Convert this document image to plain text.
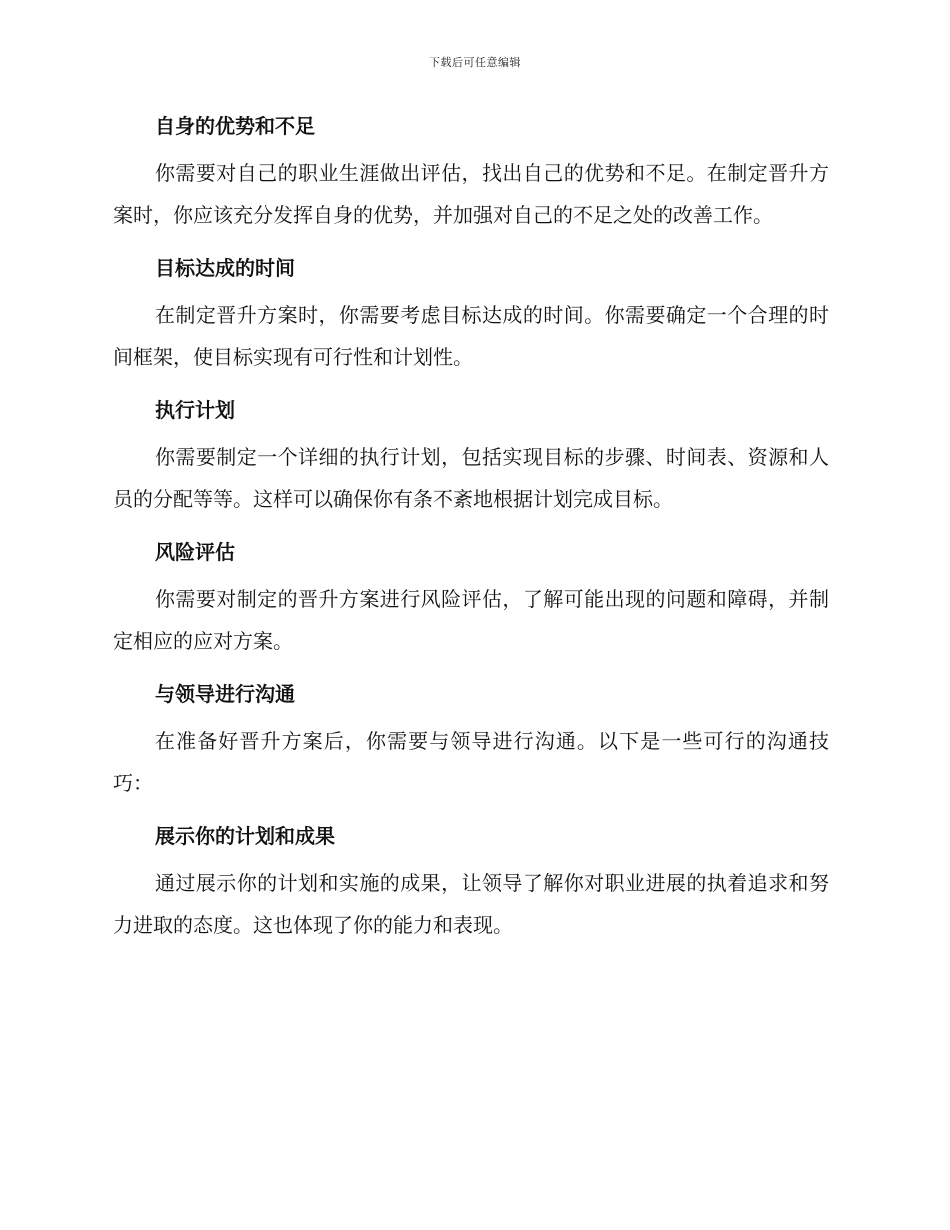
下载后可任意编辑
自身的优势和不足
你需要对自己的职业生涯做出评估，找出自己的优势和不足。在制定晋升方案时，你应该充分发挥自身的优势，并加强对自己的不足之处的改善工作。
目标达成的时间
在制定晋升方案时，你需要考虑目标达成的时间。你需要确定一个合理的时间框架，使目标实现有可行性和计划性。
执行计划
你需要制定一个详细的执行计划，包括实现目标的步骤、时间表、资源和人员的分配等等。这样可以确保你有条不紊地根据计划完成目标。
风险评估
你需要对制定的晋升方案进行风险评估，了解可能出现的问题和障碍，并制定相应的应对方案。
与领导进行沟通
在准备好晋升方案后，你需要与领导进行沟通。以下是一些可行的沟通技巧：
展示你的计划和成果
通过展示你的计划和实施的成果，让领导了解你对职业进展的执着追求和努力进取的态度。这也体现了你的能力和表现。
